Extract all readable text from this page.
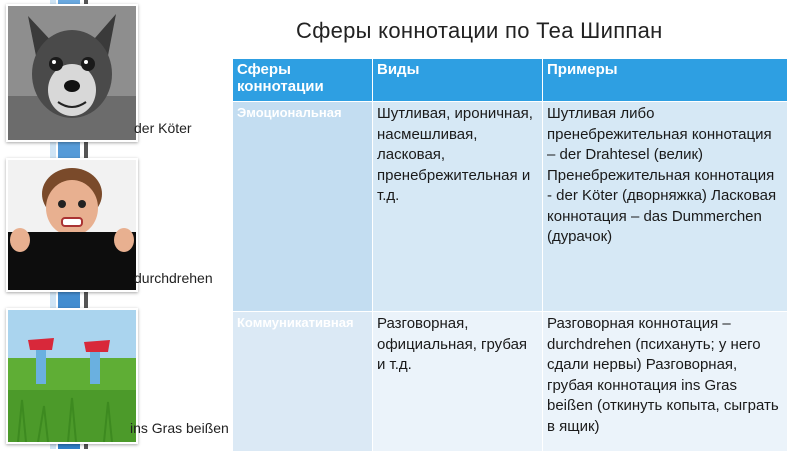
der Köter
durchdrehen
ins Gras beißen
Сферы коннотации по Теа Шиппан
Сферы коннотации	Виды	Примеры
Эмоциональная	Шутливая, ироничная, насмешливая, ласковая, пренебрежительная и т.д.	Шутливая либо пренебрежительная коннотация – der Drahtesel (велик) Пренебрежительная коннотация - der Köter (дворняжка) Ласковая коннотация – das Dummerchen (дурачок)
Коммуникативная	Разговорная, официальная, грубая и т.д.	Разговорная коннотация – durchdrehen (психануть; у него сдали нервы) Разговорная, грубая коннотация ins Gras beißen (откинуть копыта, сыграть в ящик)
